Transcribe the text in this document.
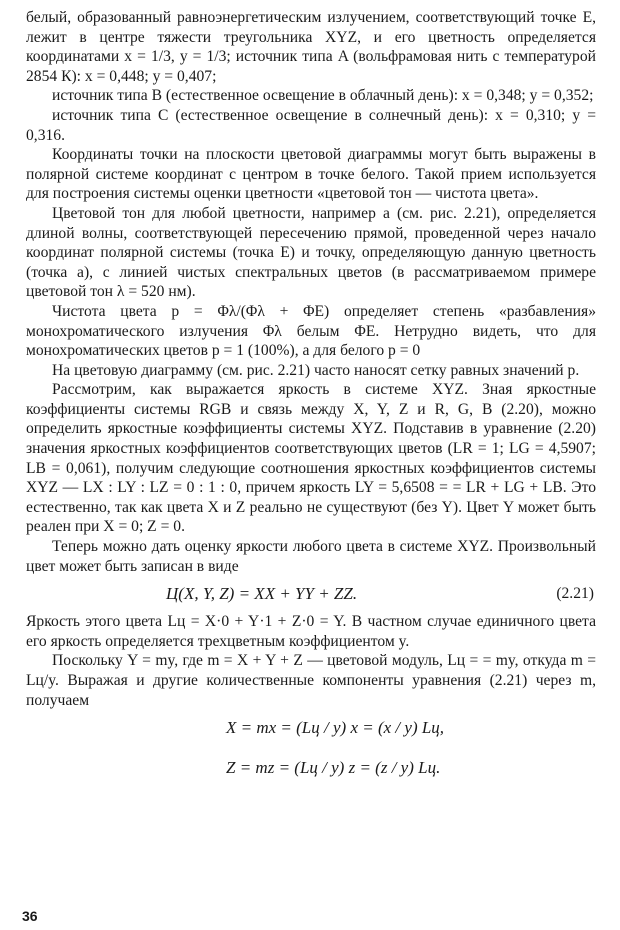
белый, образованный равноэнергетическим излучением, соответствующий точке E, лежит в центре тяжести треугольника XYZ, и его цветность определяется координатами x = 1/3, y = 1/3; источник типа A (вольфрамовая нить с температурой 2854 К): x = 0,448; y = 0,407;

источник типа B (естественное освещение в облачный день): x = 0,348; y = 0,352;

источник типа C (естественное освещение в солнечный день): x = 0,310; y = 0,316.

Координаты точки на плоскости цветовой диаграммы могут быть выражены в полярной системе координат с центром в точке белого. Такой прием используется для построения системы оценки цветности «цветовой тон — чистота цвета».

Цветовой тон для любой цветности, например a (см. рис. 2.21), определяется длиной волны, соответствующей пересечению прямой, проведенной через начало координат полярной системы (точка E) и точку, определяющую данную цветность (точка a), с линией чистых спектральных цветов (в рассматриваемом примере цветовой тон λ = 520 нм).

Чистота цвета p = Φλ/(Φλ + ΦE) определяет степень «разбавления» монохроматического излучения Φλ белым ΦE. Нетрудно видеть, что для монохроматических цветов p = 1 (100%), а для белого p = 0

На цветовую диаграмму (см. рис. 2.21) часто наносят сетку равных значений p.

Рассмотрим, как выражается яркость в системе XYZ. Зная яркостные коэффициенты системы RGB и связь между X, Y, Z и R, G, B (2.20), можно определить яркостные коэффициенты системы XYZ. Подставив в уравнение (2.20) значения яркостных коэффициентов соответствующих цветов (LR = 1; LG = 4,5907; LB = 0,061), получим следующие соотношения яркостных коэффициентов системы XYZ — LX : LY : LZ = 0 : 1 : 0, причем яркость LY = 5,6508 = = LR + LG + LB. Это естественно, так как цвета X и Z реально не существуют (без Y). Цвет Y может быть реален при X = 0; Z = 0.

Теперь можно дать оценку яркости любого цвета в системе XYZ. Произвольный цвет может быть записан в виде

Ц(X, Y, Z) = XX + YY + ZZ.	(2.21)

Яркость этого цвета Lц = X·0 + Y·1 + Z·0 = Y. В частном случае единичного цвета его яркость определяется трехцветным коэффициентом y.

Поскольку Y = my, где m = X + Y + Z — цветовой модуль, Lц = = my, откуда m = Lц/y. Выражая и другие количественные компоненты уравнения (2.21) через m, получаем

X = mx = (Lц / y) x = (x / y) Lц,
Z = mz = (Lц / y) z = (z / y) Lц.
36
